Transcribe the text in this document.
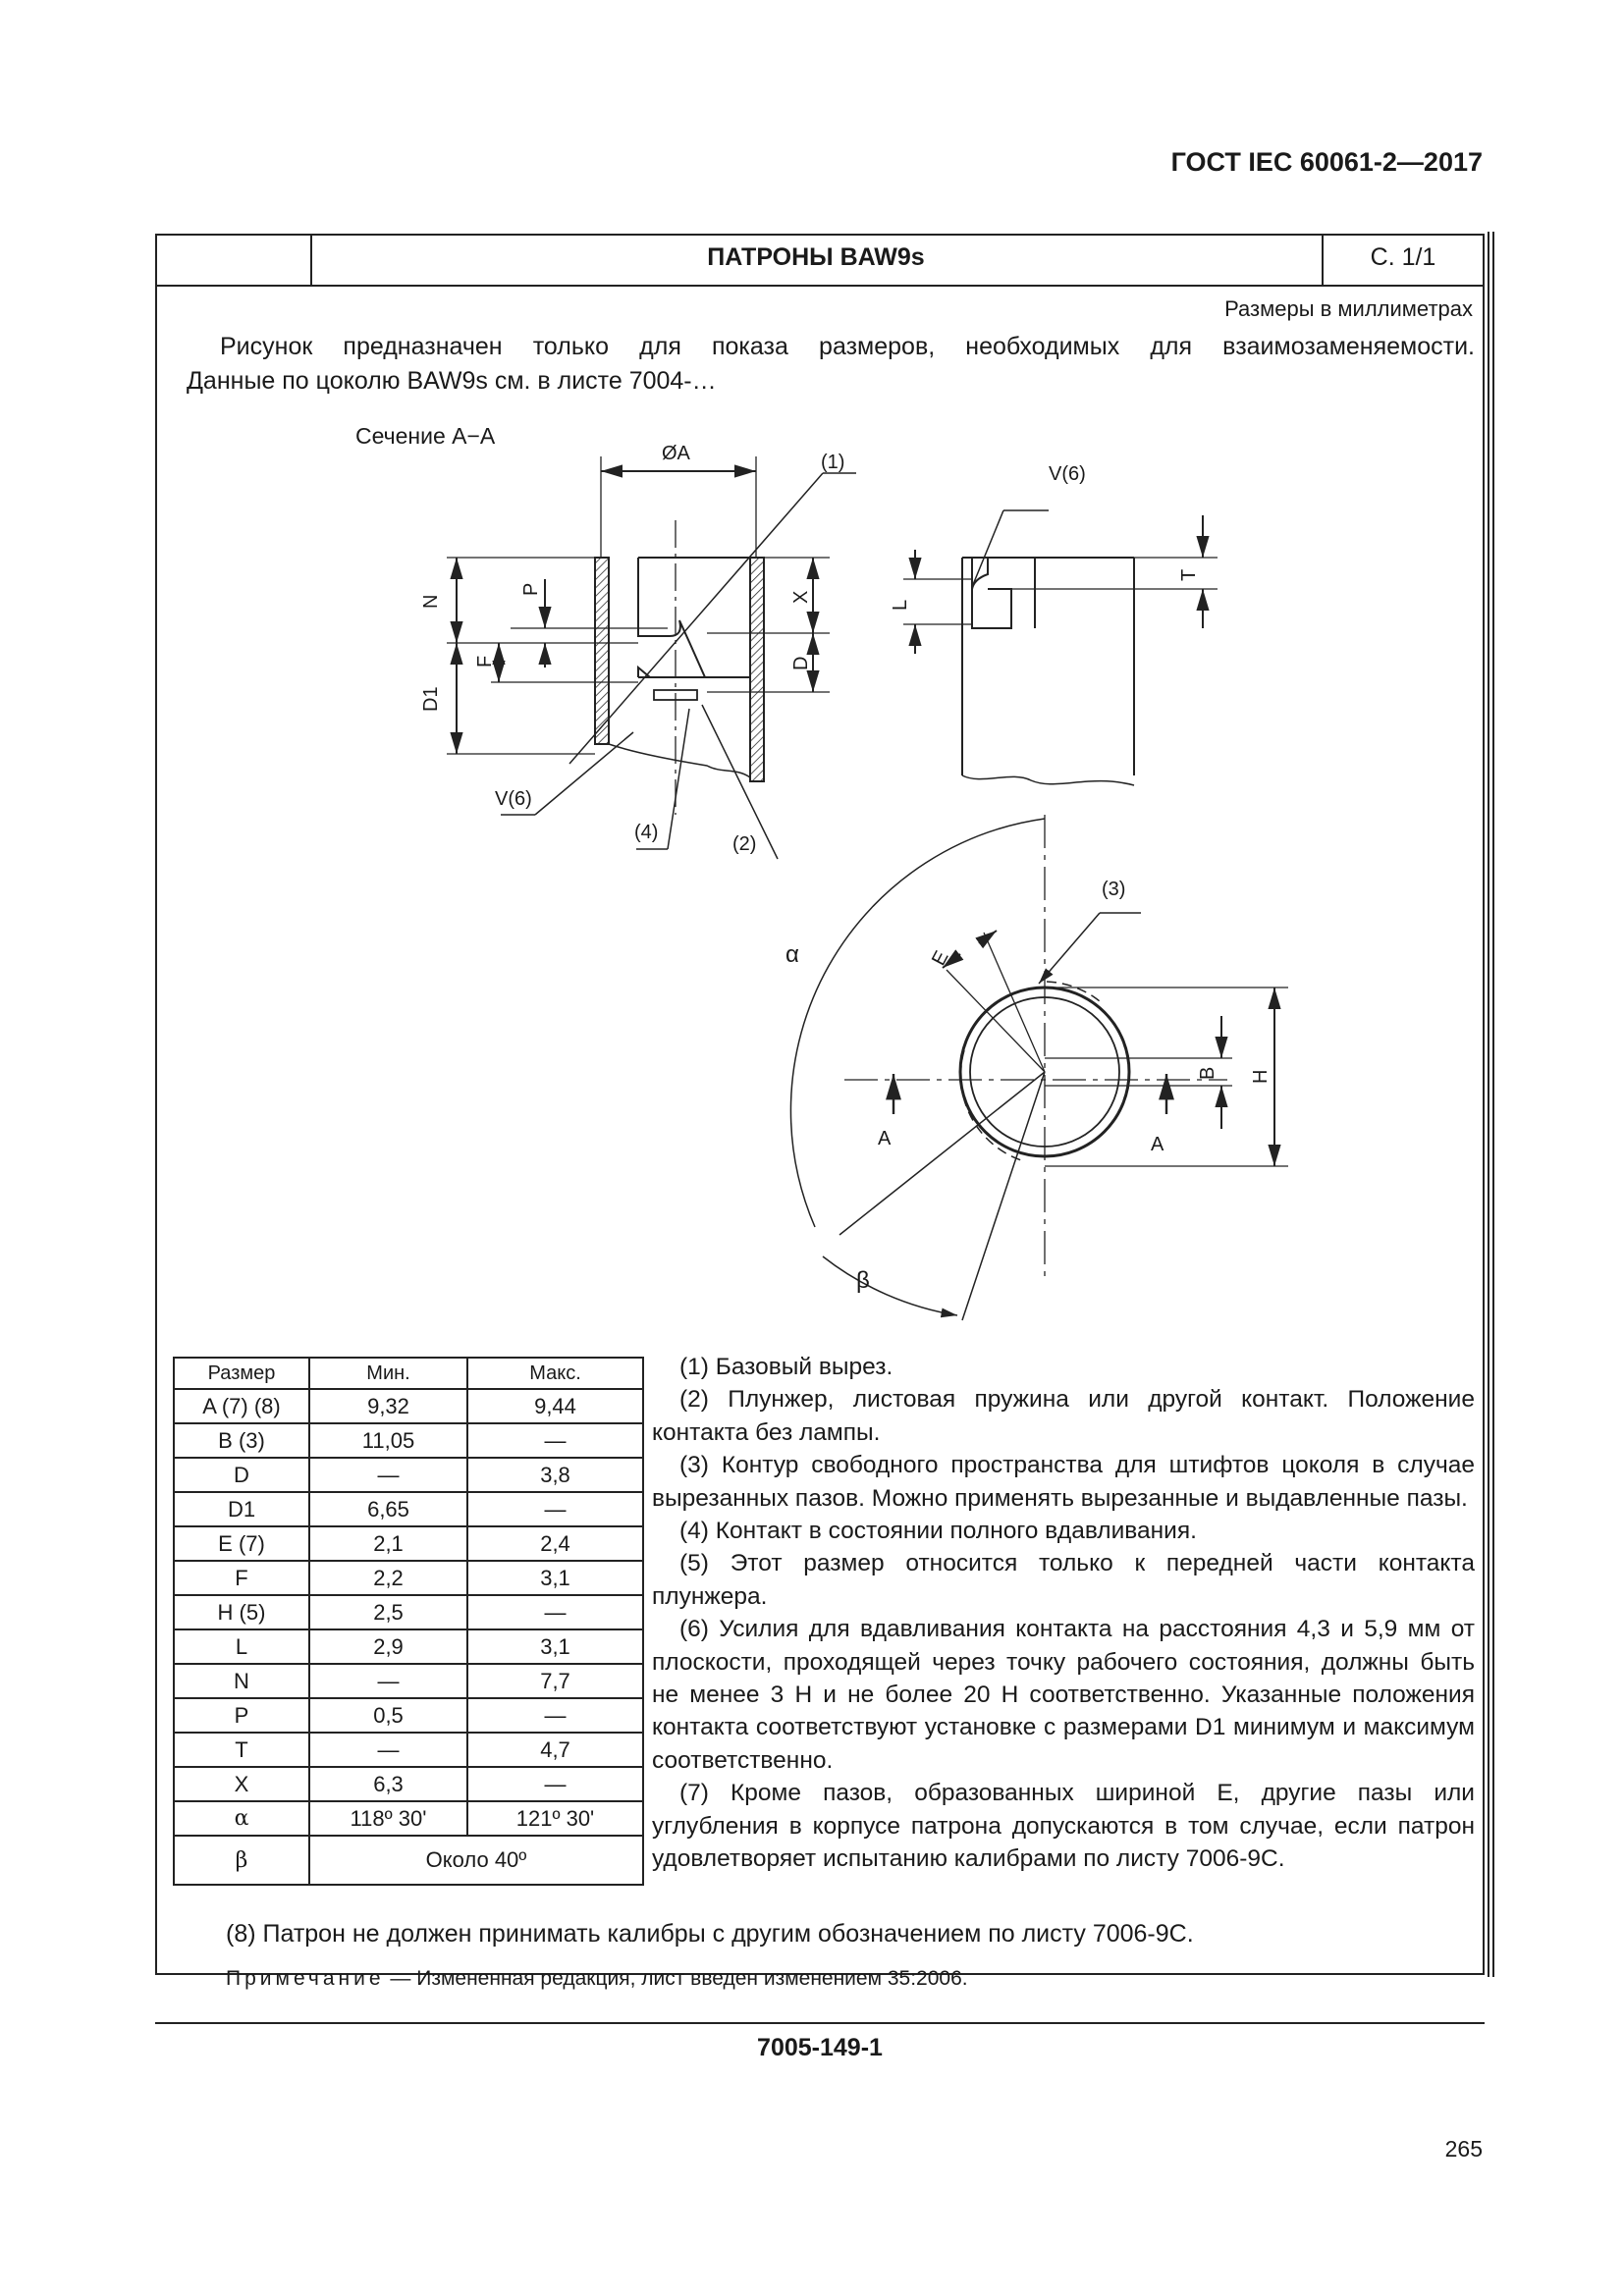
ГОСТ IEC 60061-2—2017
ПАТРОНЫ BAW9s	С. 1/1
Размеры в миллиметрах
Рисунок предназначен только для показа размеров, необходимых для взаимозаменяемости.
Данные по цоколю BAW9s см. в листе 7004-…
Сечение А−А
ØA	(1)
V(6)
(4)
(2)
V(6)
(3)
N
D1
P
F
X
D
L
T
E
B H
A	A
α
β
Размер	Мин.	Макс.
A (7) (8)	9,32	9,44
B (3)	11,05	—
D	—	3,8
D1	6,65	—
E (7)	2,1	2,4
F	2,2	3,1
H (5)	2,5	—
L	2,9	3,1
N	—	7,7
P	0,5	—
T	—	4,7
X	6,3	—
α	118º 30'	121º 30'
β	Около 40º	

(1) Базовый вырез.

(2) Плунжер, листовая пружина или другой контакт. Положение контакта без лампы.

(3) Контур свободного пространства для штифтов цоколя в случае вырезанных пазов. Можно применять вырезанные и выдавленные пазы.

(4) Контакт в состоянии полного вдавливания.

(5) Этот размер относится только к передней части контакта плунжера.

(6) Усилия для вдавливания контакта на расстояния 4,3 и 5,9 мм от плоскости, проходящей через точку рабочего состояния, должны быть не менее 3 Н и не более 20 Н соответственно. Указанные положения контакта соответствуют установке с размерами D1 минимум и максимум соответственно.

(7) Кроме пазов, образованных шириной E, другие пазы или углубления в корпусе патрона допускаются в том случае, если патрон удовлетворяет испытанию калибрами по листу 7006-9C.

(8) Патрон не должен принимать калибры с другим обозначением по листу 7006-9C.
Примечание — Измененная редакция, лист введен изменением 35:2006.
7005-149-1
265
